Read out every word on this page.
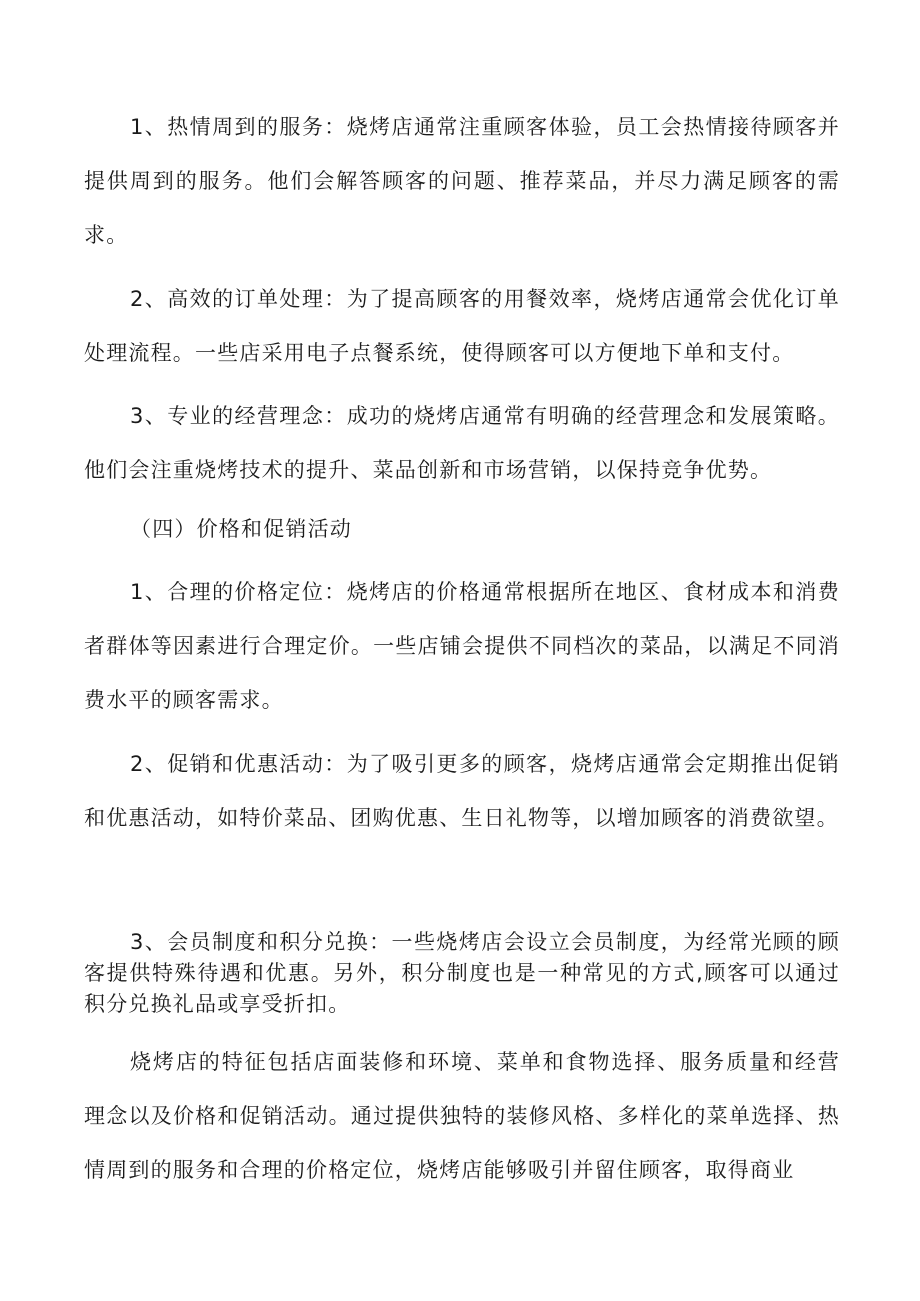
1、热情周到的服务：烧烤店通常注重顾客体验，员工会热情接待顾客并提供周到的服务。他们会解答顾客的问题、推荐菜品，并尽力满足顾客的需求。

2、高效的订单处理：为了提高顾客的用餐效率，烧烤店通常会优化订单处理流程。一些店采用电子点餐系统，使得顾客可以方便地下单和支付。

3、专业的经营理念：成功的烧烤店通常有明确的经营理念和发展策略。他们会注重烧烤技术的提升、菜品创新和市场营销，以保持竞争优势。

（四）价格和促销活动

1、合理的价格定位：烧烤店的价格通常根据所在地区、食材成本和消费者群体等因素进行合理定价。一些店铺会提供不同档次的菜品，以满足不同消费水平的顾客需求。

2、促销和优惠活动：为了吸引更多的顾客，烧烤店通常会定期推出促销和优惠活动，如特价菜品、团购优惠、生日礼物等，以增加顾客的消费欲望。

3、会员制度和积分兑换：一些烧烤店会设立会员制度，为经常光顾的顾客提供特殊待遇和优惠。另外，积分制度也是一种常见的方式,顾客可以通过积分兑换礼品或享受折扣。

烧烤店的特征包括店面装修和环境、菜单和食物选择、服务质量和经营理念以及价格和促销活动。通过提供独特的装修风格、多样化的菜单选择、热情周到的服务和合理的价格定位，烧烤店能够吸引并留住顾客，取得商业
